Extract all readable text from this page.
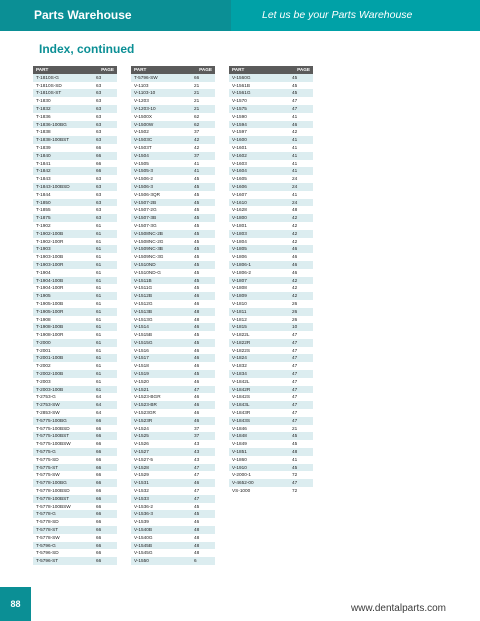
Parts Warehouse	Let us be your Parts Warehouse
Index, continued
PART	PAGE
T-1810S-G	63
T-1810S-SD	63
T-1810S-ST	63
T-1830	63
T-1832	63
T-1836	63
T-1836-100BG	63
T-1838	63
T-1838-100BST	63
T-1839	66
T-1840	66
T-1841	66
T-1842	66
T-1843	63
T-1843-100BSD	63
T-1844	63
T-1850	63
T-1855	63
T-1875	63
T-1902	61
T-1902-100B	61
T-1902-100R	61
T-1903	61
T-1903-100B	61
T-1903-100R	61
T-1904	61
T-1904-100B	61
T-1904-100R	61
T-1905	61
T-1905-100B	61
T-1905-100R	61
T-1908	61
T-1908-100B	61
T-1908-100R	61
T-2000	61
T-2001	61
T-2001-100B	61
T-2002	61
T-2002-100B	61
T-2003	61
T-2003-100B	61
T-2753-G	64
T-2753-SW	64
T-2853-SW	64
T-5775-100BG	66
T-5775-100BSD	66
T-5775-100BST	66
T-5775-100BSW	66
T-5775-G	66
T-5775-SD	66
T-5775-ST	66
T-5775-SW	66
T-5778-100BG	66
T-5778-100BSD	66
T-5778-100BST	66
T-5778-100BSW	66
T-5778-G	66
T-5778-SD	66
T-5778-ST	66
T-5778-SW	66
T-5796-G	66
T-5796-SD	66
T-5796-ST	66
PART	PAGE
T-5796-SW	66
V-1103	21
V-1103-10	21
V-1203	21
V-1203-10	21
V-1500X	62
V-1500W	62
V-1502	37
V-1503C	42
V-1503T	42
V-1504	37
V-1505	41
V-1505-3	41
V-1506-2	45
V-1506-3	45
V-1506-3QR	45
V-1507-2B	45
V-1507-2G	45
V-1507-3B	45
V-1507-3G	45
V-1508NC-2B	45
V-1508NC-2G	45
V-1509NC-3B	45
V-1509NC-3G	45
V-1510ND	45
V-1510ND-G	45
V-1511B	45
V-1511G	45
V-1512B	46
V-1512G	46
V-1513B	48
V-1513G	48
V-1514	46
V-1515B	45
V-1515G	45
V-1516	46
V-1517	46
V-1518	46
V-1519	45
V-1520	46
V-1521	47
V-1523-BGR	46
V-1523-BR	46
V-1523GR	46
V-1523R	46
V-1524	37
V-1525	37
V-1526	43
V-1527	43
V-1527-5	43
V-1528	47
V-1529	47
V-1531	46
V-1532	47
V-1533	47
V-1536-2	45
V-1536-3	45
V-1539	46
V-1540B	48
V-1540G	48
V-1545B	48
V-1545G	48
V-1550	6
PART	PAGE
V-1560G	45
V-1561B	45
V-1561G	45
V-1570	47
V-1575	47
V-1590	41
V-1594	46
V-1597	42
V-1600	41
V-1601	41
V-1602	41
V-1603	41
V-1604	41
V-1605	24
V-1606	24
V-1607	41
V-1610	24
V-1628	48
V-1800	42
V-1801	42
V-1803	42
V-1804	42
V-1805	46
V-1806	46
V-1806-1	46
V-1806-2	46
V-1807	42
V-1808	42
V-1809	42
V-1810	26
V-1811	26
V-1812	26
V-1815	10
V-1822L	47
V-1822R	47
V-1822S	47
V-1824	47
V-1832	47
V-1834	47
V-1842L	47
V-1842R	47
V-1842S	47
V-1843L	47
V-1843R	47
V-1843S	47
V-1846	21
V-1848	45
V-1849	45
V-1851	48
V-1860	41
V-1910	45
V-2000-1	72
V-4652-00	47
VS-1000	72
88	www.dentalparts.com
